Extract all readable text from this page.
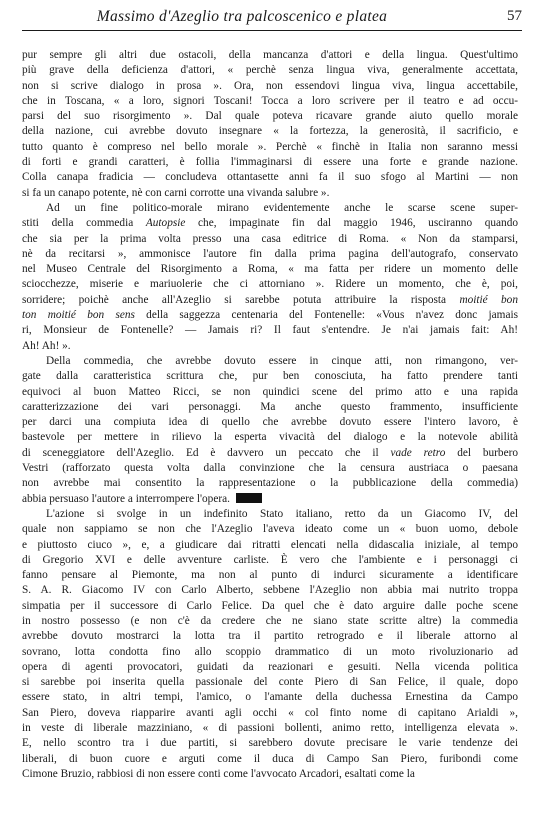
Massimo d'Azeglio tra palcoscenico e platea	57
pur sempre gli altri due ostacoli, della mancanza d'attori e della lingua. Quest'ultimo
più grave della deficienza d'attori, « perchè senza lingua viva, generalmente accettata,
non si scrive dialogo in prosa ». Ora, non essendovi lingua viva, lingua accettabile,
che in Toscana, « a loro, signori Toscani! Tocca a loro scrivere per il teatro e ad occu-
parsi del suo risorgimento ». Dal quale poteva ricavare grande aiuto quello morale
della nazione, cui avrebbe dovuto insegnare « la fortezza, la generosità, il sacrificio, e
tutto quanto è compreso nel bello morale ». Perchè « finchè in Italia non saranno messi
di forti e grandi caratteri, è follia l'immaginarsi di essere una forte e grande nazione.
Colla canapa fradicia — concludeva ottantasette anni fa il suo sfogo al Martini — non
si fa un canapo potente, nè con carni corrotte una vivanda salubre ».
Ad un fine politico-morale mirano evidentemente anche le scarse scene super-
stiti della commedia Autopsie che, impaginate fin dal maggio 1946, usciranno quando
che sia per la prima volta presso una casa editrice di Roma. « Non da stamparsi,
nè da recitarsi », ammonisce l'autore fin dalla prima pagina dell'autografo, conservato
nel Museo Centrale del Risorgimento a Roma, « ma fatta per ridere un momento delle
sciocchezze, miserie e mariuolerie che ci attorniano ». Ridere un momento, che è, poi,
sorridere; poichè anche all'Azeglio si sarebbe potuta attribuire la risposta moitié bon
ton moitié bon sens della saggezza centenaria del Fontenelle: «Vous n'avez donc jamais
ri, Monsieur de Fontenelle? — Jamais ri? Il faut s'entendre. Je n'ai jamais fait: Ah!
Ah! Ah! ».
Della commedia, che avrebbe dovuto essere in cinque atti, non rimangono, ver-
gate dalla caratteristica scrittura che, pur ben conosciuta, ha fatto prendere tanti
equivoci al buon Matteo Ricci, se non quindici scene del primo atto e una rapida
caratterizzazione dei vari personaggi. Ma anche questo frammento, insufficiente
per darci una compiuta idea di quello che avrebbe dovuto essere l'intero lavoro, è
bastevole per mettere in rilievo la esperta vivacità del dialogo e la notevole abilità
di sceneggiatore dell'Azeglio. Ed è davvero un peccato che il vade retro del burbero
Vestri (rafforzato questa volta dalla convinzione che la censura austriaca o paesana
non avrebbe mai consentito la rappresentazione o la pubblicazione della commedia)
abbia persuaso l'autore a interrompere l'opera.
L'azione si svolge in un indefinito Stato italiano, retto da un Giacomo IV, del
quale non sappiamo se non che l'Azeglio l'aveva ideato come un « buon uomo, debole
e piuttosto ciuco », e, a giudicare dai ritratti elencati nella didascalia iniziale, al tempo
di Gregorio XVI e delle avventure carliste. È vero che l'ambiente e i personaggi ci
fanno pensare al Piemonte, ma non al punto di indurci sicuramente a identificare
S. A. R. Giacomo IV con Carlo Alberto, sebbene l'Azeglio non abbia mai nutrito troppa
simpatia per il successore di Carlo Felice. Da quel che è dato arguire dalle poche scene
in nostro possesso (e non c'è da credere che ne siano state scritte altre) la commedia
avrebbe dovuto mostrarci la lotta tra il partito retrogrado e il liberale attorno al
sovrano, lotta condotta fino allo scoppio drammatico di un moto rivoluzionario ad
opera di agenti provocatori, guidati da reazionari e gesuiti. Nella vicenda politica
si sarebbe poi inserita quella passionale del conte Piero di San Felice, il quale, dopo
essere stato, in altri tempi, l'amico, o l'amante della duchessa Ernestina da Campo
San Piero, doveva riapparire avanti agli occhi « col finto nome di capitano Arialdi »,
in veste di liberale mazziniano, « di passioni bollenti, animo retto, intelligenza elevata ».
E, nello scontro tra i due partiti, si sarebbero dovute precisare le varie tendenze dei
liberali, di buon cuore e arguti come il duca di Campo San Piero, furibondi come
Cimone Bruzio, rabbiosi di non essere conti come l'avvocato Arcadori, esaltati come la
